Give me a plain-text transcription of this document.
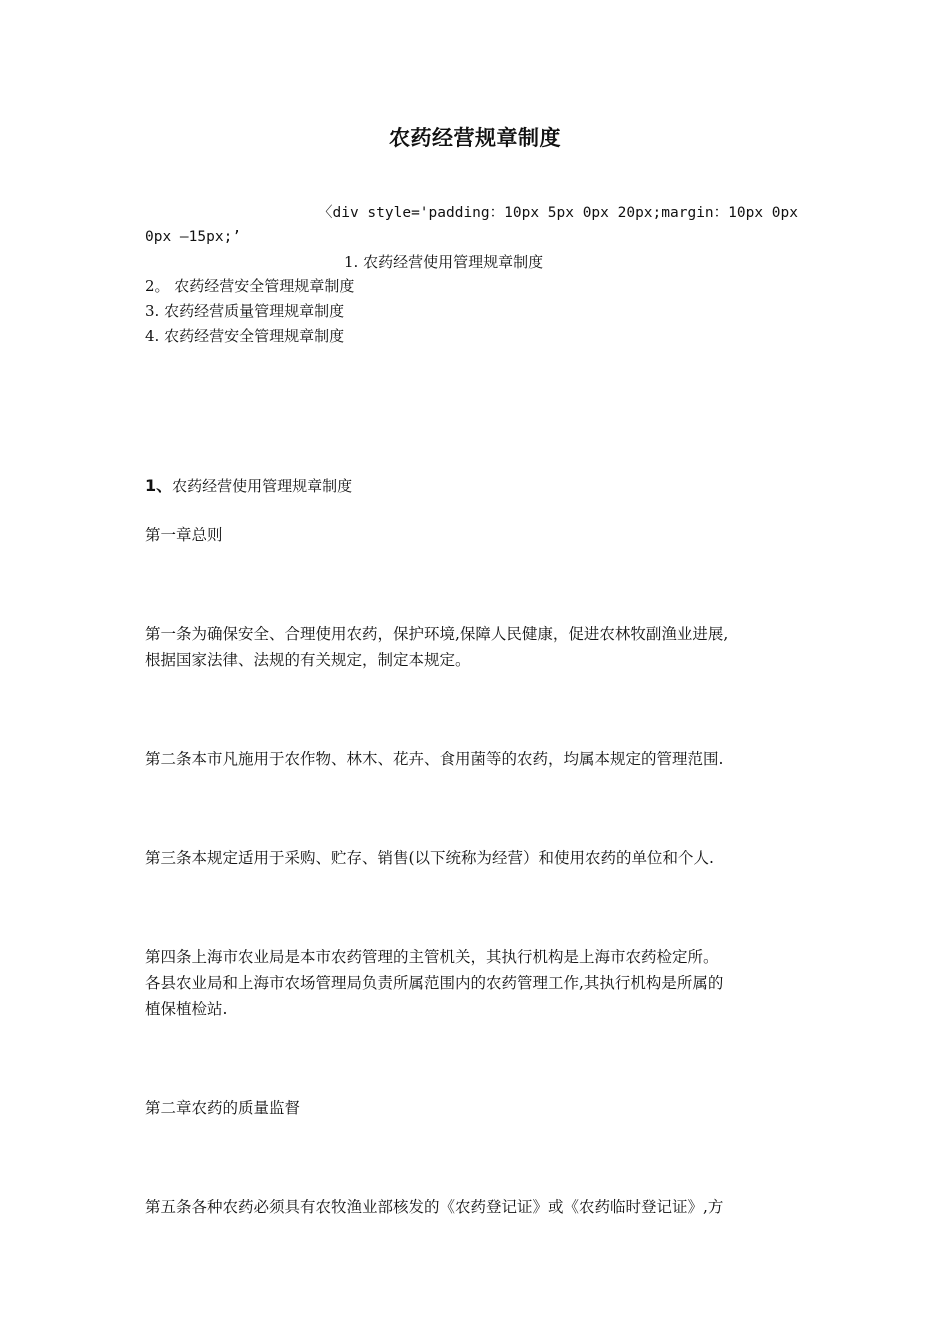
农药经营规章制度
〈div style='padding：10px 5px 0px 20px;margin：10px 0px
0px —15px;’
1. 农药经营使用管理规章制度
2。 农药经营安全管理规章制度
3. 农药经营质量管理规章制度
4. 农药经营安全管理规章制度
1、农药经营使用管理规章制度
第一章总则
第一条为确保安全、合理使用农药，保护环境,保障人民健康，促进农林牧副渔业进展,
根据国家法律、法规的有关规定，制定本规定。
第二条本市凡施用于农作物、林木、花卉、食用菌等的农药，均属本规定的管理范围.
第三条本规定适用于采购、贮存、销售(以下统称为经营）和使用农药的单位和个人.
第四条上海市农业局是本市农药管理的主管机关，其执行机构是上海市农药检定所。
各县农业局和上海市农场管理局负责所属范围内的农药管理工作,其执行机构是所属的
植保植检站.
第二章农药的质量监督
第五条各种农药必须具有农牧渔业部核发的《农药登记证》或《农药临时登记证》,方
